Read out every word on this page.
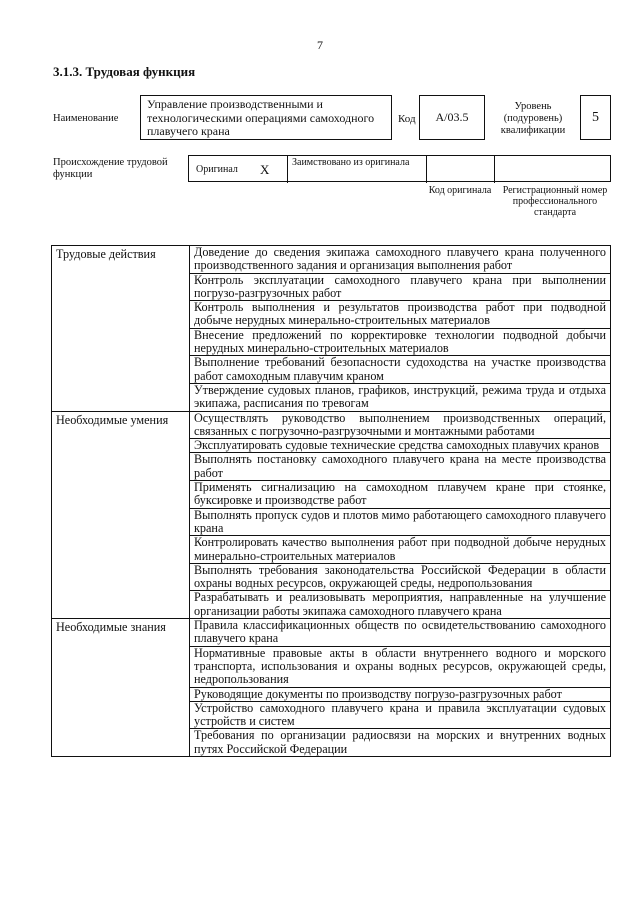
7
3.1.3. Трудовая функция
Наименование
Управление производственными и технологическими операциями самоходного плавучего крана
Код	А/03.5
Уровень (подуровень) квалификации
5
Происхождение трудовой функции	Оригинал X Заимствовано из оригинала
Код оригинала	Регистрационный номер профессионального стандарта
Трудовые действия	Доведение до сведения экипажа самоходного плавучего крана полученного производственного задания и организация выполнения работ
	Контроль эксплуатации самоходного плавучего крана при выполнении погрузо-разгрузочных работ
	Контроль выполнения и результатов производства работ при подводной добыче нерудных минерально-строительных материалов
	Внесение предложений по корректировке технологии подводной добычи нерудных минерально-строительных материалов
	Выполнение требований безопасности судоходства на участке производства работ самоходным плавучим краном
	Утверждение судовых планов, графиков, инструкций, режима труда и отдыха экипажа, расписания по тревогам
Необходимые умения	Осуществлять руководство выполнением производственных операций, связанных с погрузочно-разгрузочными и монтажными работами
	Эксплуатировать судовые технические средства самоходных плавучих кранов
	Выполнять постановку самоходного плавучего крана на месте производства работ
	Применять сигнализацию на самоходном плавучем кране при стоянке, буксировке и производстве работ
	Выполнять пропуск судов и плотов мимо работающего самоходного плавучего крана
	Контролировать качество выполнения работ при подводной добыче нерудных минерально-строительных материалов
	Выполнять требования законодательства Российской Федерации в области охраны водных ресурсов, окружающей среды, недропользования
	Разрабатывать и реализовывать мероприятия, направленные на улучшение организации работы экипажа самоходного плавучего крана
Необходимые знания	Правила классификационных обществ по освидетельствованию самоходного плавучего крана
	Нормативные правовые акты в области внутреннего водного и морского транспорта, использования и охраны водных ресурсов, окружающей среды, недропользования
	Руководящие документы по производству погрузо-разгрузочных работ
	Устройство самоходного плавучего крана и правила эксплуатации судовых устройств и систем
	Требования по организации радиосвязи на морских и внутренних водных путях Российской Федерации
